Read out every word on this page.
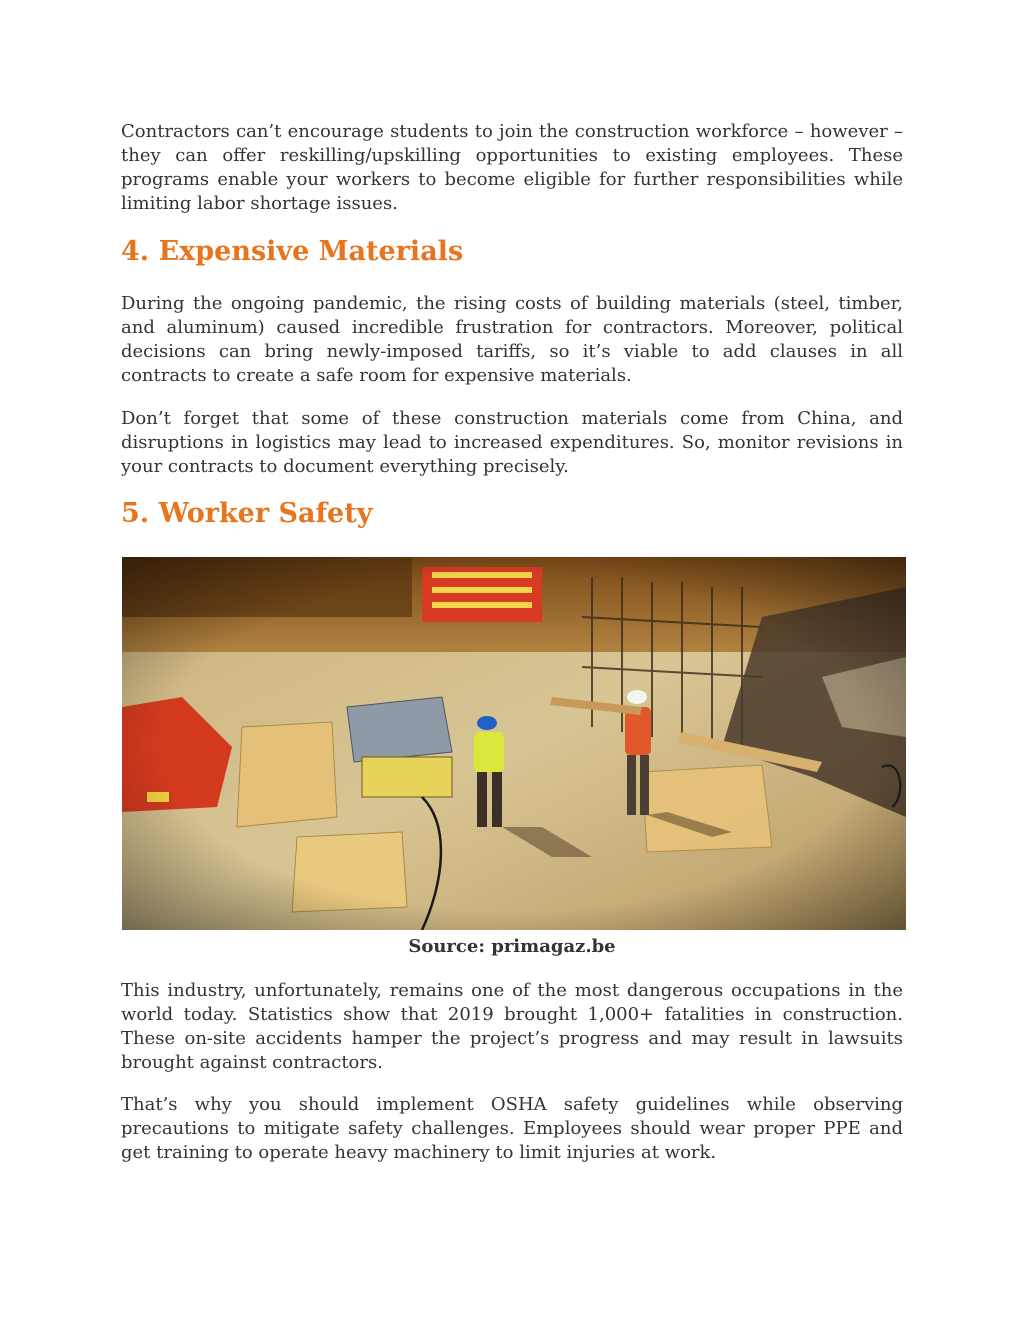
Contractors can’t encourage students to join the construction workforce – however – they can offer reskilling/upskilling opportunities to existing employees. These programs enable your workers to become eligible for further responsibilities while limiting labor shortage issues.

4. Expensive Materials

During the ongoing pandemic, the rising costs of building materials (steel, timber, and aluminum) caused incredible frustration for contractors. Moreover, political decisions can bring newly-imposed tariffs, so it’s viable to add clauses in all contracts to create a safe room for expensive materials.

Don’t forget that some of these construction materials come from China, and disruptions in logistics may lead to increased expenditures. So, monitor revisions in your contracts to document everything precisely.

5. Worker Safety
Source: primagaz.be

This industry, unfortunately, remains one of the most dangerous occupations in the world today. Statistics show that 2019 brought 1,000+ fatalities in construction. These on-site accidents hamper the project’s progress and may result in lawsuits brought against contractors.

That’s why you should implement OSHA safety guidelines while observing precautions to mitigate safety challenges. Employees should wear proper PPE and get training to operate heavy machinery to limit injuries at work.
